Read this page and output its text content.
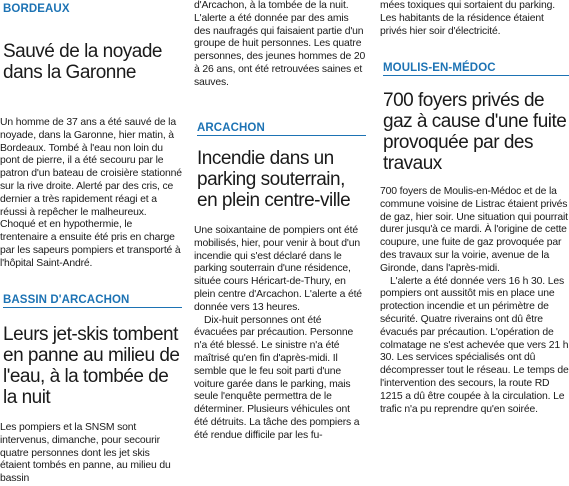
BORDEAUX
Sauvé de la noyade dans la Garonne

Un homme de 37 ans a été sauvé de la noyade, dans la Garonne, hier matin, à Bordeaux. Tombé à l'eau non loin du pont de pierre, il a été secouru par le patron d'un bateau de croisière stationné sur la rive droite. Alerté par des cris, ce dernier a très rapidement réagi et a réussi à repêcher le malheureux. Choqué et en hypothermie, le trentenaire a ensuite été pris en charge par les sapeurs pompiers et transporté à l'hôpital Saint-André.

BASSIN D'ARCACHON
Leurs jet-skis tombent en panne au milieu de l'eau, à la tombée de la nuit

Les pompiers et la SNSM sont intervenus, dimanche, pour secourir quatre personnes dont les jet skis étaient tombés en panne, au milieu du bassin

d'Arcachon, à la tombée de la nuit. L'alerte a été donnée par des amis des naufragés qui faisaient partie d'un groupe de huit personnes. Les quatre personnes, des jeunes hommes de 20 à 26 ans, ont été retrouvées saines et sauves.

ARCACHON
Incendie dans un parking souterrain, en plein centre-ville

Une soixantaine de pompiers ont été mobilisés, hier, pour venir à bout d'un incendie qui s'est déclaré dans le parking souterrain d'une résidence, située cours Héricart-de-Thury, en plein centre d'Arcachon. L'alerte a été donnée vers 13 heures.

Dix-huit personnes ont été évacuées par précaution. Personne n'a été blessé. Le sinistre n'a été maîtrisé qu'en fin d'après-midi. Il semble que le feu soit parti d'une voiture garée dans le parking, mais seule l'enquête permettra de le déterminer. Plusieurs véhicules ont été détruits. La tâche des pompiers a été rendue difficile par les fu-

mées toxiques qui sortaient du parking. Les habitants de la résidence étaient privés hier soir d'électricité.

MOULIS-EN-MÉDOC
700 foyers privés de gaz à cause d'une fuite provoquée par des travaux

700 foyers de Moulis-en-Médoc et de la commune voisine de Listrac étaient privés de gaz, hier soir. Une situation qui pourrait durer jusqu'à ce mardi. À l'origine de cette coupure, une fuite de gaz provoquée par des travaux sur la voirie, avenue de la Gironde, dans l'après-midi.

L'alerte a été donnée vers 16 h 30. Les pompiers ont aussitôt mis en place une protection incendie et un périmètre de sécurité. Quatre riverains ont dû être évacués par précaution. L'opération de colmatage ne s'est achevée que vers 21 h 30. Les services spécialisés ont dû décompresser tout le réseau. Le temps de l'intervention des secours, la route RD 1215 a dû être coupée à la circulation. Le trafic n'a pu reprendre qu'en soirée.
